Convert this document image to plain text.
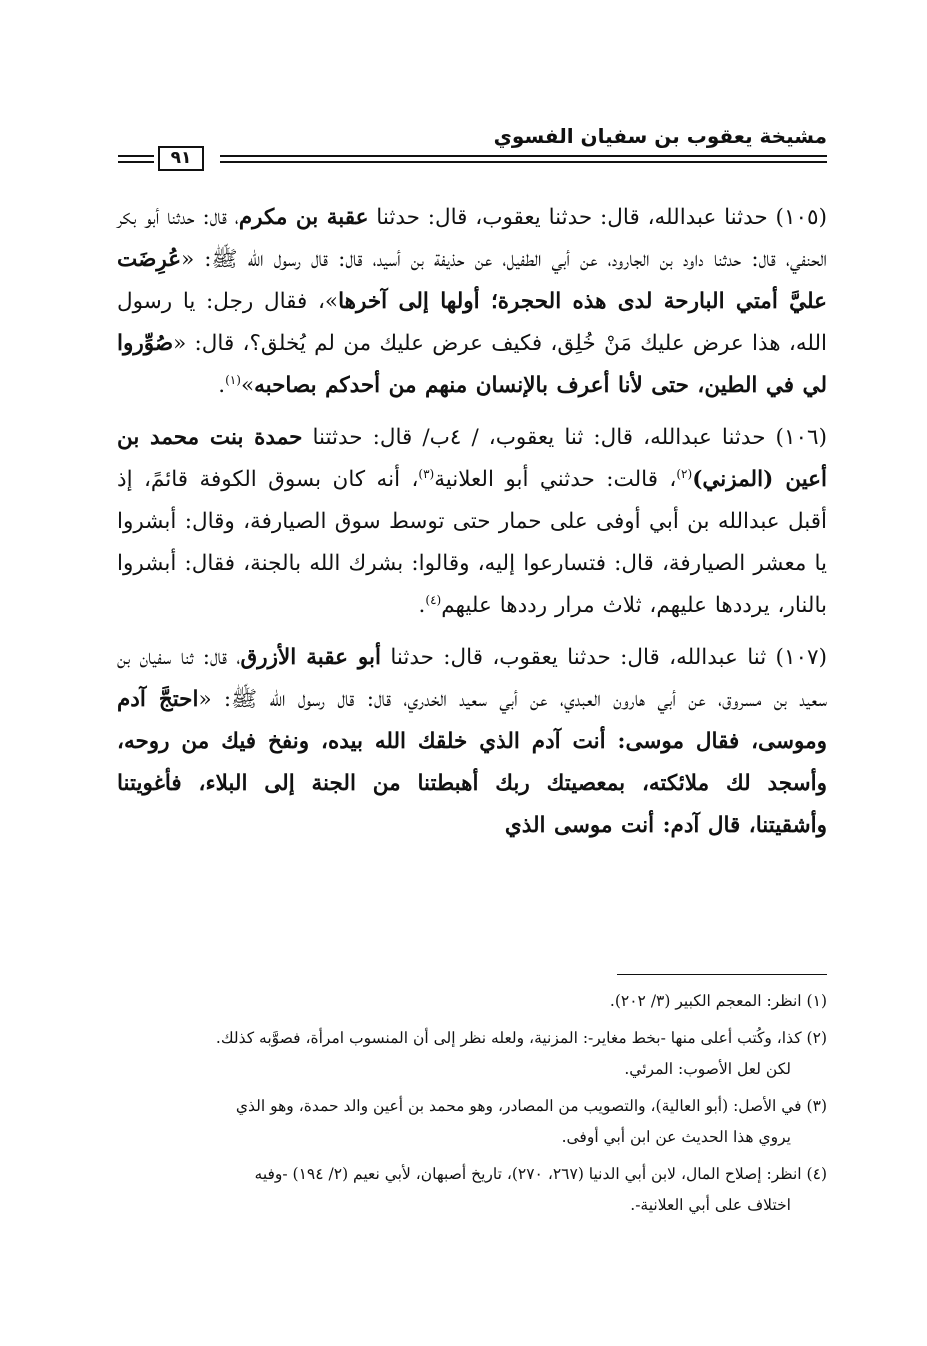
مشيخة يعقوب بن سفيان الفسوي
٩١

(١٠٥) حدثنا عبدالله، قال: حدثنا يعقوب، قال: حدثنا عقبة بن مكرم، قال: حدثنا أبو بكر الحنفي، قال: حدثنا داود بن الجارود، عن أبي الطفيل، عن حذيفة بن أسيد، قال: قال رسول الله ﷺ: «عُرِضَت عليَّ أمتي البارحة لدى هذه الحجرة؛ أولها إلى آخرها»، فقال رجل: يا رسول الله، هذا عرض عليك مَنْ خُلِق، فكيف عرض عليك من لم يُخلق؟، قال: «صُوِّروا لي في الطين، حتى لأنا أعرف بالإنسان منهم من أحدكم بصاحبه»$^{(١)}$.

(١٠٦) حدثنا عبدالله، قال: ثنا يعقوب، / ٤ب/ قال: حدثتنا حمدة بنت محمد بن أعين (المزني)$^{(٢)}$، قالت: حدثني أبو العلانية$^{(٣)}$، أنه كان بسوق الكوفة قائمً، إذ أقبل عبدالله بن أبي أوفى على حمار حتى توسط سوق الصيارفة، وقال: أبشروا يا معشر الصيارفة، قال: فتسارعوا إليه، وقالوا: بشرك الله بالجنة، فقال: أبشروا بالنار، يرددها عليهم، ثلاث مرار رددها عليهم$^{(٤)}$.

(١٠٧) ثنا عبدالله، قال: حدثنا يعقوب، قال: حدثنا أبو عقبة الأزرق، قال: ثنا سفيان بن سعيد بن مسروق، عن أبي هارون العبدي، عن أبي سعيد الخدري، قال: قال رسول الله ﷺ: «احتجَّ آدم وموسى، فقال موسى: أنت آدم الذي خلقك الله بيده، ونفخ فيك من روحه، وأسجد لك ملائكته، بمعصيتك ربك أهبطتنا من الجنة إلى البلاء، فأغويتنا وأشقيتنا، قال آدم: أنت موسى الذي

(١) انظر: المعجم الكبير (٣/ ٢٠٢).
(٢) كذا، وكُتب أعلى منها -بخط مغاير-: المزنية، ولعله نظر إلى أن المنسوب امرأة، فصوَّبه كذلك.
لكن لعل الأصوب: المرئي.
(٣) في الأصل: (أبو العالية)، والتصويب من المصادر، وهو محمد بن أعين والد حمدة، وهو الذي
يروي هذا الحديث عن ابن أبي أوفى.
(٤) انظر: إصلاح المال، لابن أبي الدنيا (٢٦٧، ٢٧٠)، تاريخ أصبهان، لأبي نعيم (٢/ ١٩٤) -وفيه
اختلاف على أبي العلانية-.
